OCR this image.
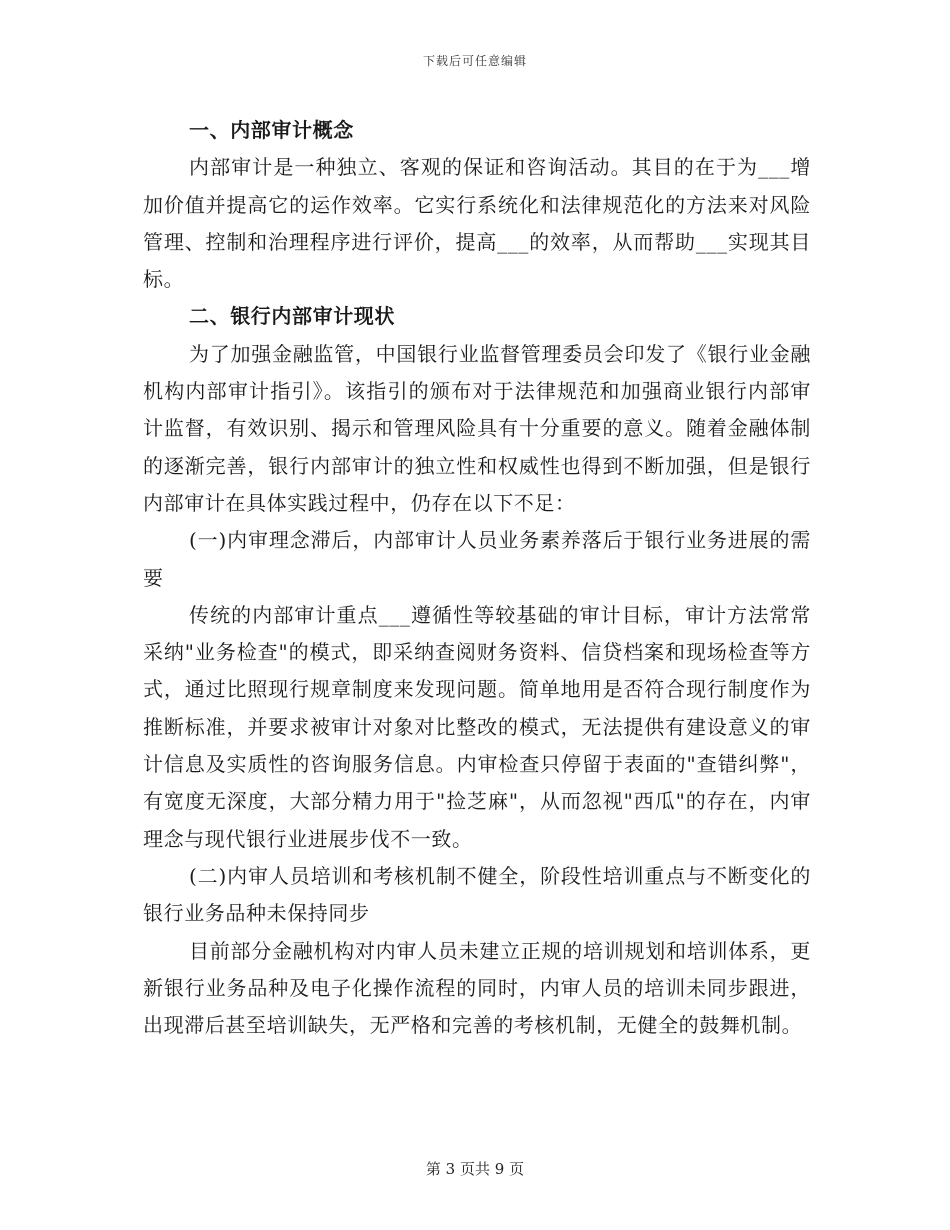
下载后可任意编辑

一、内部审计概念

内部审计是一种独立、客观的保证和咨询活动。其目的在于为___增加价值并提高它的运作效率。它实行系统化和法律规范化的方法来对风险管理、控制和治理程序进行评价，提高___的效率，从而帮助___实现其目标。

二、银行内部审计现状

为了加强金融监管，中国银行业监督管理委员会印发了《银行业金融机构内部审计指引》。该指引的颁布对于法律规范和加强商业银行内部审计监督，有效识别、揭示和管理风险具有十分重要的意义。随着金融体制的逐渐完善，银行内部审计的独立性和权威性也得到不断加强，但是银行内部审计在具体实践过程中，仍存在以下不足：

(一)内审理念滞后，内部审计人员业务素养落后于银行业务进展的需要

传统的内部审计重点___遵循性等较基础的审计目标，审计方法常常采纳"业务检查"的模式，即采纳查阅财务资料、信贷档案和现场检查等方式，通过比照现行规章制度来发现问题。简单地用是否符合现行制度作为推断标准，并要求被审计对象对比整改的模式，无法提供有建设意义的审计信息及实质性的咨询服务信息。内审检查只停留于表面的"查错纠弊"，有宽度无深度，大部分精力用于"捡芝麻"，从而忽视"西瓜"的存在，内审理念与现代银行业进展步伐不一致。

(二)内审人员培训和考核机制不健全，阶段性培训重点与不断变化的银行业务品种未保持同步

目前部分金融机构对内审人员未建立正规的培训规划和培训体系，更新银行业务品种及电子化操作流程的同时，内审人员的培训未同步跟进，出现滞后甚至培训缺失，无严格和完善的考核机制，无健全的鼓舞机制。

第 3 页共 9 页
